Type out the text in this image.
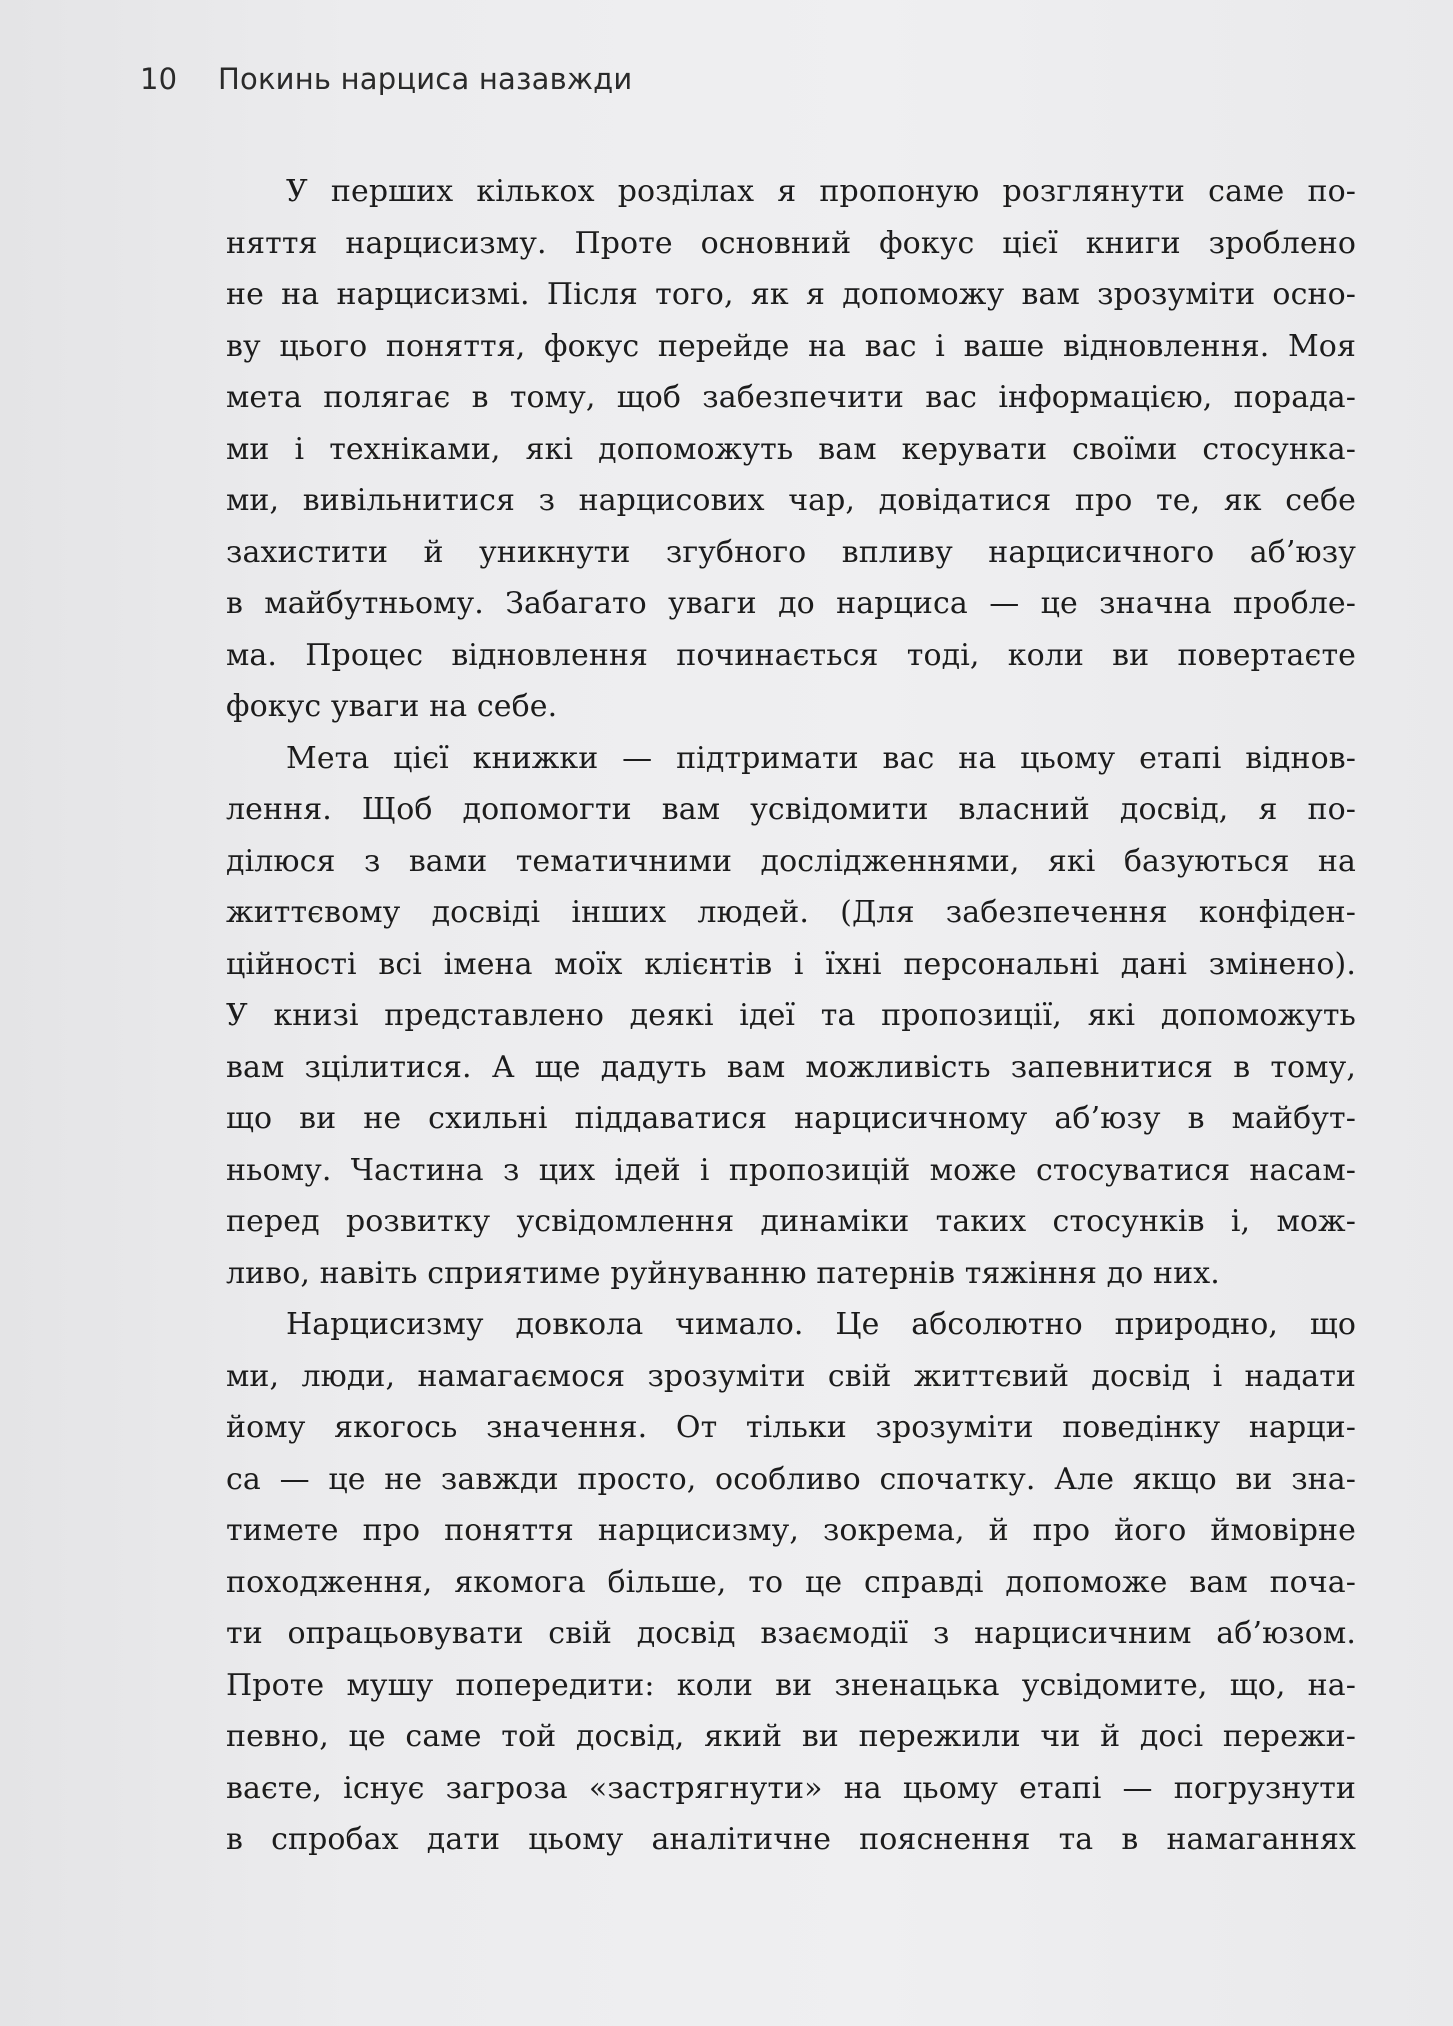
10 Покинь нарциса назавжди
У перших кількох розділах я пропоную розглянути саме по-
няття нарцисизму. Проте основний фокус цієї книги зроблено
не на нарцисизмі. Після того, як я допоможу вам зрозуміти осно-
ву цього поняття, фокус перейде на вас і ваше відновлення. Моя
мета полягає в тому, щоб забезпечити вас інформацією, порада-
ми і техніками, які допоможуть вам керувати своїми стосунка-
ми, вивільнитися з нарцисових чар, довідатися про те, як себе
захистити й уникнути згубного впливу нарцисичного аб’юзу
в майбутньому. Забагато уваги до нарциса — це значна пробле-
ма. Процес відновлення починається тоді, коли ви повертаєте
фокус уваги на себе.
Мета цієї книжки — підтримати вас на цьому етапі віднов-
лення. Щоб допомогти вам усвідомити власний досвід, я по-
ділюся з вами тематичними дослідженнями, які базуються на
життєвому досвіді інших людей. (Для забезпечення конфіден-
ційності всі імена моїх клієнтів і їхні персональні дані змінено).
У книзі представлено деякі ідеї та пропозиції, які допоможуть
вам зцілитися. А ще дадуть вам можливість запевнитися в тому,
що ви не схильні піддаватися нарцисичному аб’юзу в майбут-
ньому. Частина з цих ідей і пропозицій може стосуватися насам-
перед розвитку усвідомлення динаміки таких стосунків і, мож-
ливо, навіть сприятиме руйнуванню патернів тяжіння до них.
Нарцисизму довкола чимало. Це абсолютно природно, що
ми, люди, намагаємося зрозуміти свій життєвий досвід і надати
йому якогось значення. От тільки зрозуміти поведінку нарци-
са — це не завжди просто, особливо спочатку. Але якщо ви зна-
тимете про поняття нарцисизму, зокрема, й про його ймовірне
походження, якомога більше, то це справді допоможе вам поча-
ти опрацьовувати свій досвід взаємодії з нарцисичним аб’юзом.
Проте мушу попередити: коли ви зненацька усвідомите, що, на-
певно, це саме той досвід, який ви пережили чи й досі пережи-
ваєте, існує загроза «застрягнути» на цьому етапі — погрузнути
в спробах дати цьому аналітичне пояснення та в намаганнях
